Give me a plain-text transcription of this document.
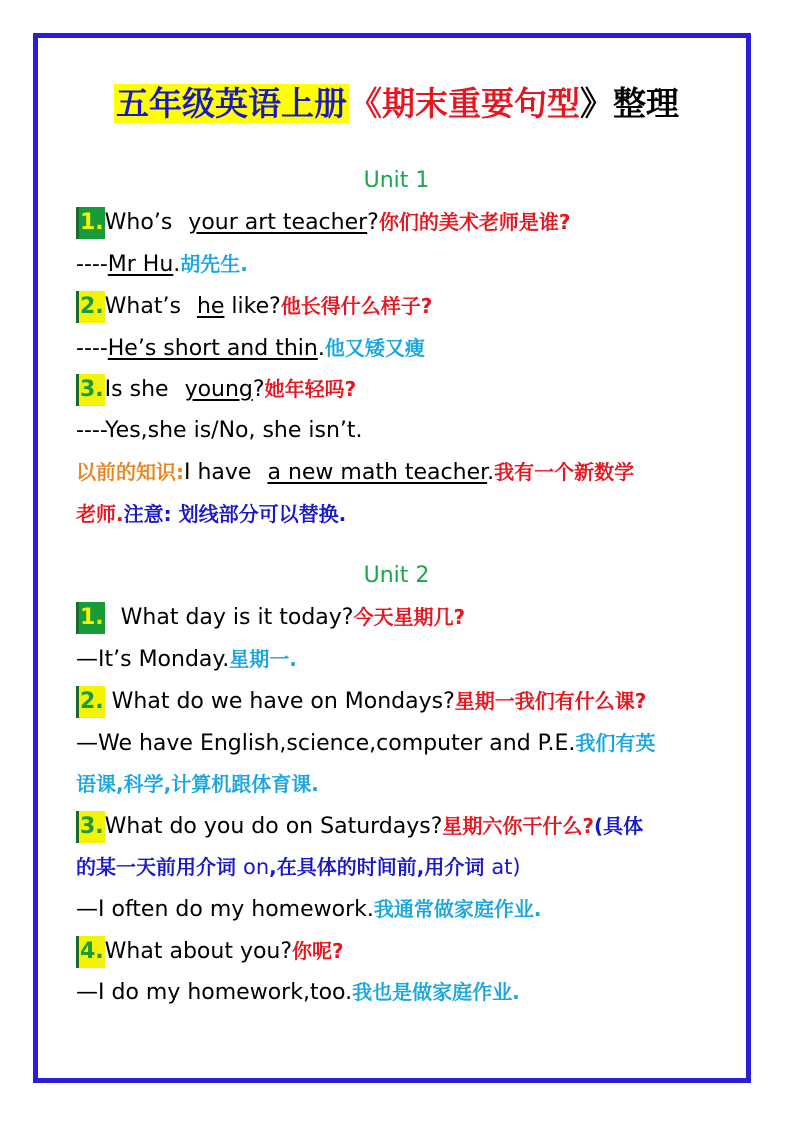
五年级英语上册《期末重要句型》整理
Unit 1
1.Who’s your art teacher?你们的美术老师是谁?
----Mr Hu.胡先生.
2.What’s he like?他长得什么样子?
----He’s short and thin.他又矮又瘦
3.Is she young?她年轻吗?
----Yes,she is/No, she isn’t.
以前的知识:I have a new math teacher.我有一个新数学
老师.注意: 划线部分可以替换.
Unit 2
1. What day is it today?今天星期几?
—It’s Monday.星期一.
2. What do we have on Mondays?星期一我们有什么课?
—We have English,science,computer and P.E.我们有英
语课,科学,计算机跟体育课.
3.What do you do on Saturdays?星期六你干什么?(具体
的某一天前用介词 on,在具体的时间前,用介词 at)
—I often do my homework.我通常做家庭作业.
4.What about you?你呢?
—I do my homework,too.我也是做家庭作业.
